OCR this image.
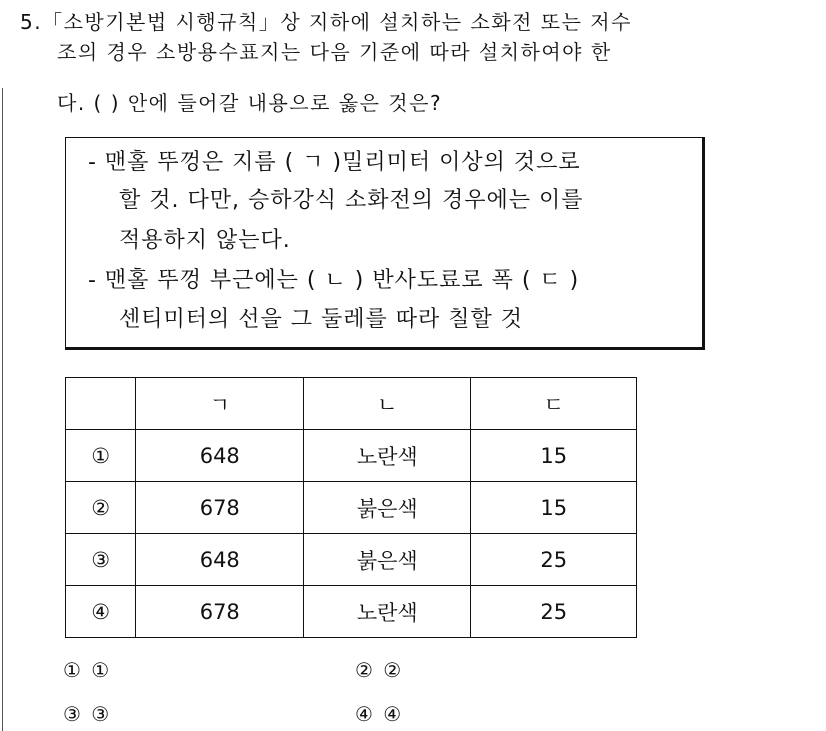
5.「소방기본법 시행규칙」상 지하에 설치하는 소화전 또는 저수
조의 경우 소방용수표지는 다음 기준에 따라 설치하여야 한
다. ( ) 안에 들어갈 내용으로 옳은 것은?
- 맨홀 뚜껑은 지름 ( ㄱ )밀리미터 이상의 것으로
할 것. 다만, 승하강식 소화전의 경우에는 이를
적용하지 않는다.
- 맨홀 뚜껑 부근에는 ( ㄴ ) 반사도료로 폭 ( ㄷ )
센티미터의 선을 그 둘레를 따라 칠할 것
	ㄱ	ㄴ	ㄷ
①	648	노란색	15
②	678	붉은색	15
③	648	붉은색	25
④	678	노란색	25
① ①	② ②
③ ③	④ ④
